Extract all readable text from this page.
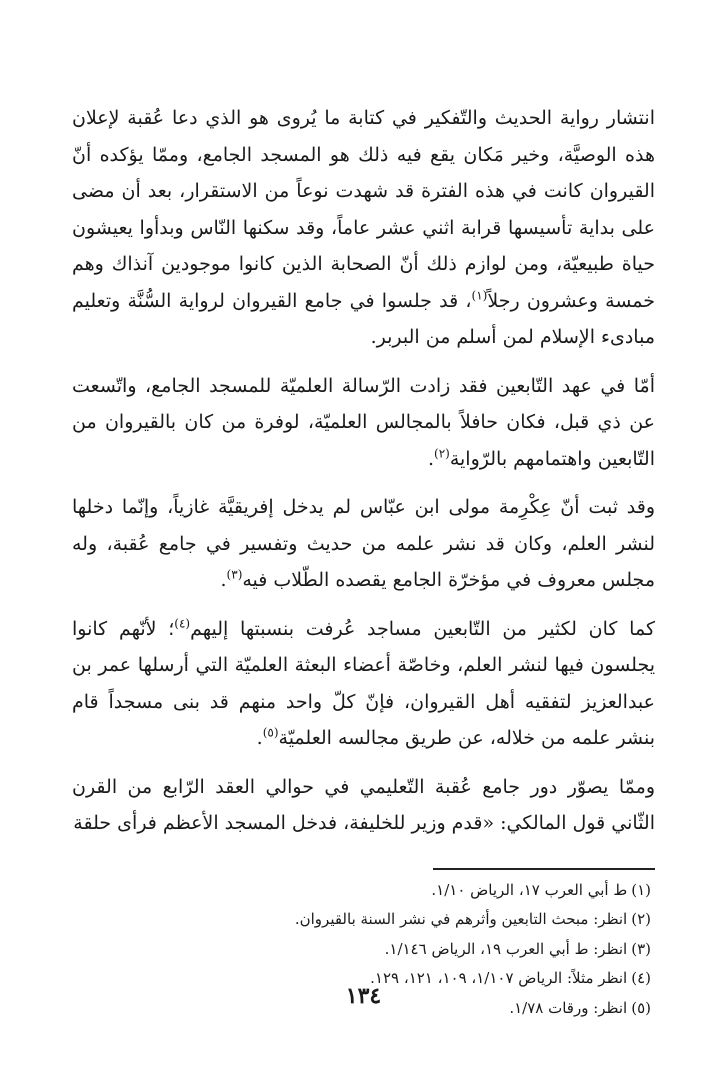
انتشار رواية الحديث والتّفكير في كتابة ما يُروى هو الذي دعا عُقبة لإعلان هذه الوصيَّة، وخير مَكان يقع فيه ذلك هو المسجد الجامع، وممّا يؤكده أنّ القيروان كانت في هذه الفترة قد شهدت نوعاً من الاستقرار، بعد أن مضى على بداية تأسيسها قرابة اثني عشر عاماً، وقد سكنها النّاس وبدأوا يعيشون حياة طبيعيّة، ومن لوازم ذلك أنّ الصحابة الذين كانوا موجودين آنذاك وهم خمسة وعشرون رجلاً$^{(١)}$، قد جلسوا في جامع القيروان لرواية السُّنَّة وتعليم مبادىء الإسلام لمن أسلم من البربر.

أمّا في عهد التّابعين فقد زادت الرّسالة العلميّة للمسجد الجامع، واتّسعت عن ذي قبل، فكان حافلاً بالمجالس العلميّة، لوفرة من كان بالقيروان من التّابعين واهتمامهم بالرّواية$^{(٢)}$.

وقد ثبت أنّ عِكْرِمة مولى ابن عبّاس لم يدخل إفريقيَّة غازياً، وإنّما دخلها لنشر العلم، وكان قد نشر علمه من حديث وتفسير في جامع عُقبة، وله مجلس معروف في مؤخرّة الجامع يقصده الطّلاب فيه$^{(٣)}$.

كما كان لكثير من التّابعين مساجد عُرفت بنسبتها إليهم$^{(٤)}$؛ لأنّهم كانوا يجلسون فيها لنشر العلم، وخاصّة أعضاء البعثة العلميّة التي أرسلها عمر بن عبدالعزيز لتفقيه أهل القيروان، فإنّ كلّ واحد منهم قد بنى مسجداً قام بنشر علمه من خلاله، عن طريق مجالسه العلميّة$^{(٥)}$.

وممّا يصوّر دور جامع عُقبة التّعليمي في حوالي العقد الرّابع من القرن الثّاني قول المالكي: «قدم وزير للخليفة، فدخل المسجد الأعظم فرأى حلقة

(١)ط أبي العرب ١٧، الرياض ١/١٠.

(٢)انظر: مبحث التابعين وأثرهم في نشر السنة بالقيروان.

(٣)انظر: ط أبي العرب ١٩، الرياض ١/١٤٦.

(٤)انظر مثلاً: الرياض ١/١٠٧، ١٠٩، ١٢١، ١٢٩.

(٥)انظر: ورقات ١/٧٨.

١٣٤
